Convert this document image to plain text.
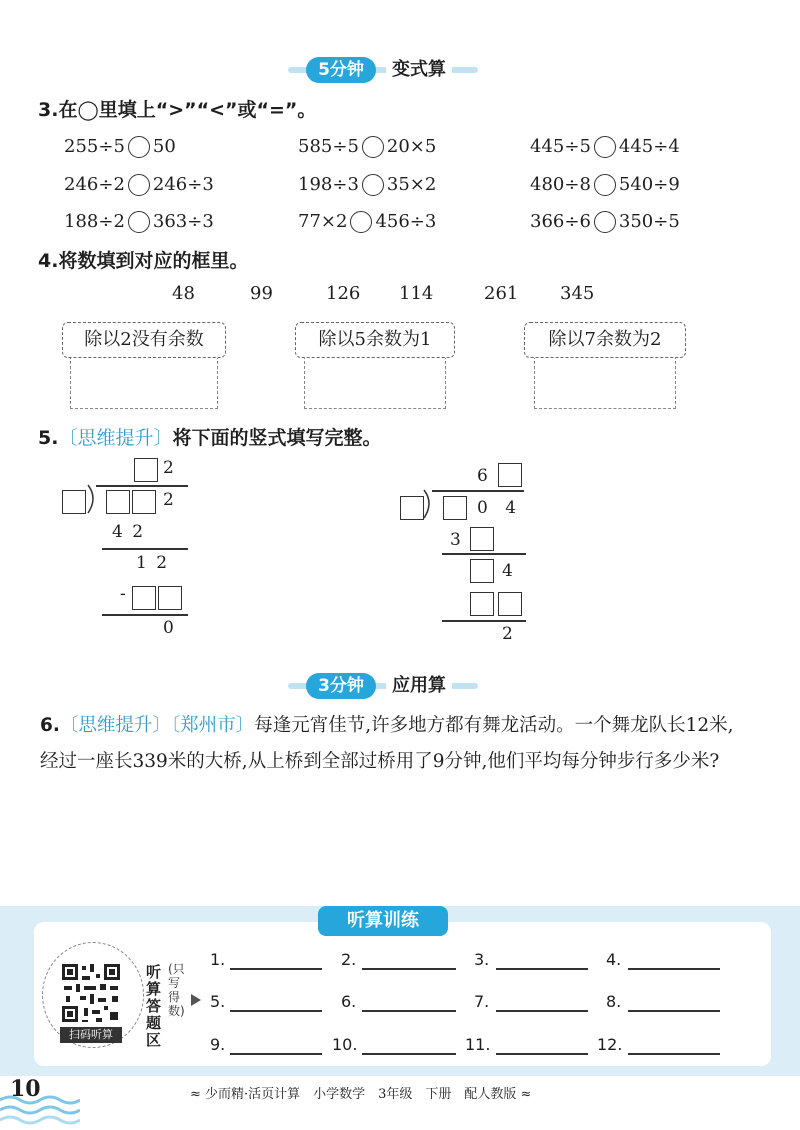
5分钟	变式算
3.在◯里填上“>”“<”或“=”。
255÷5 50	585÷5 20×5	445÷5 445÷4
246÷2 246÷3	198÷3 35×2	480÷8 540÷9
188÷2 363÷3	77×2 456÷3	366÷6 350÷5
4.将数填到对应的框里。
48	99	126 114	261 345
除以2没有余数	除以5余数为1	除以7余数为2
5.〔思维提升〕将下面的竖式填写完整。
2
2
4 2
1 2
-
0
6
0 4
3
4
2
3分钟	应用算
6.〔思维提升〕〔郑州市〕每逢元宵佳节,许多地方都有舞龙活动。一个舞龙队长12米,经过一座长339米的大桥,从上桥到全部过桥用了9分钟,他们平均每分钟步行多少米?
听算训练
扫码听算
听算答题区
(只写得数)
1.	2.	3.	4.
5.	6.	7.	8.
9.	10.	11.	12.
10	≈ 少而精·活页计算　小学数学　3年级　下册　配人教版 ≈
